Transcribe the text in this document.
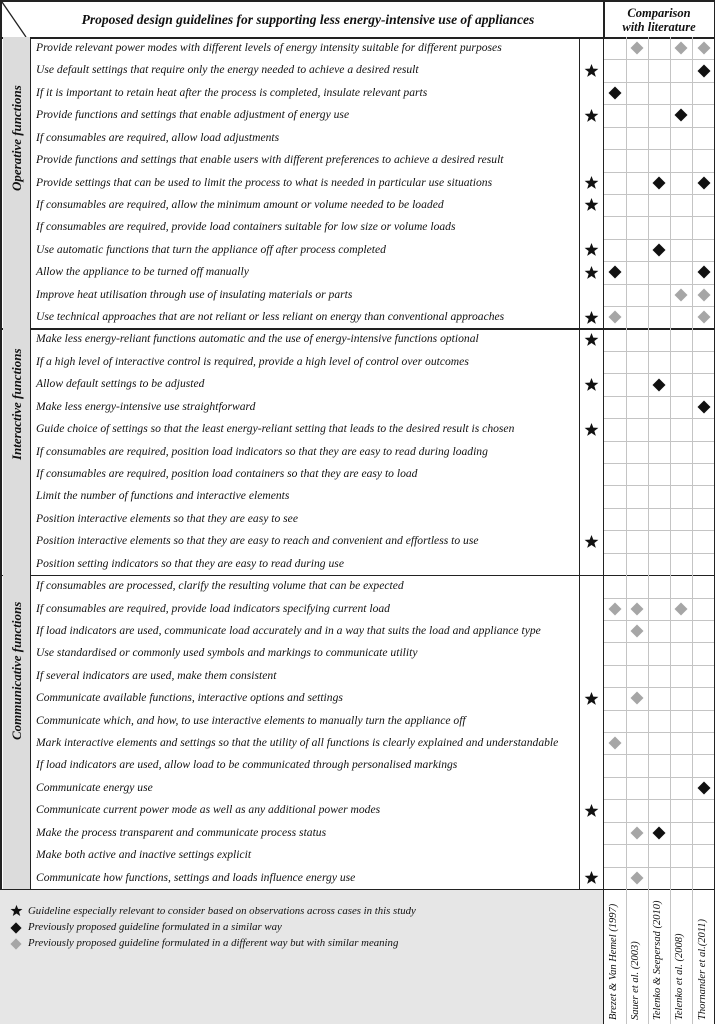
Proposed design guidelines for supporting less energy-intensive use of appliances	Comparison
with literature
Provide relevant power modes with different levels of energy intensity suitable for different purposes
Use default settings that require only the energy needed to achieve a desired result
If it is important to retain heat after the process is completed, insulate relevant parts
Provide functions and settings that enable adjustment of energy use
If consumables are required, allow load adjustments
Provide functions and settings that enable users with different preferences to achieve a desired result
Provide settings that can be used to limit the process to what is needed in particular use situations
If consumables are required, allow the minimum amount or volume needed to be loaded
If consumables are required, provide load containers suitable for low size or volume loads
Use automatic functions that turn the appliance off after process completed
Allow the appliance to be turned off manually
Improve heat utilisation through use of insulating materials or parts
Use technical approaches that are not reliant or less reliant on energy than conventional approaches
Make less energy-reliant functions automatic and the use of energy-intensive functions optional
If a high level of interactive control is required, provide a high level of control over outcomes
Allow default settings to be adjusted
Make less energy-intensive use straightforward
Guide choice of settings so that the least energy-reliant setting that leads to the desired result is chosen
If consumables are required, position load indicators so that they are easy to read during loading
If consumables are required, position load containers so that they are easy to load
Limit the number of functions and interactive elements
Position interactive elements so that they are easy to see
Position interactive elements so that they are easy to reach and convenient and effortless to use
Position setting indicators so that they are easy to read during use
If consumables are processed, clarify the resulting volume that can be expected
If consumables are required, provide load indicators specifying current load
If load indicators are used, communicate load accurately and in a way that suits the load and appliance type
Use standardised or commonly used symbols and markings to communicate utility
If several indicators are used, make them consistent
Communicate available functions, interactive options and settings
Communicate which, and how, to use interactive elements to manually turn the appliance off
Mark interactive elements and settings so that the utility of all functions is clearly explained and understandable
If load indicators are used, allow load to be communicated through personalised markings
Communicate energy use
Communicate current power mode as well as any additional power modes
Make the process transparent and communicate process status
Make both active and inactive settings explicit
Communicate how functions, settings and loads influence energy use
Guideline especially relevant to consider based on observations across cases in this study
Previously proposed guideline formulated in a similar way
Previously proposed guideline formulated in a different way but with similar meaning	Brezet & Van Hemel (1997) Sauer et al. (2003) Telenko & Seepersad (2010) Telenko et al. (2008) Thornander et al.(2011)
